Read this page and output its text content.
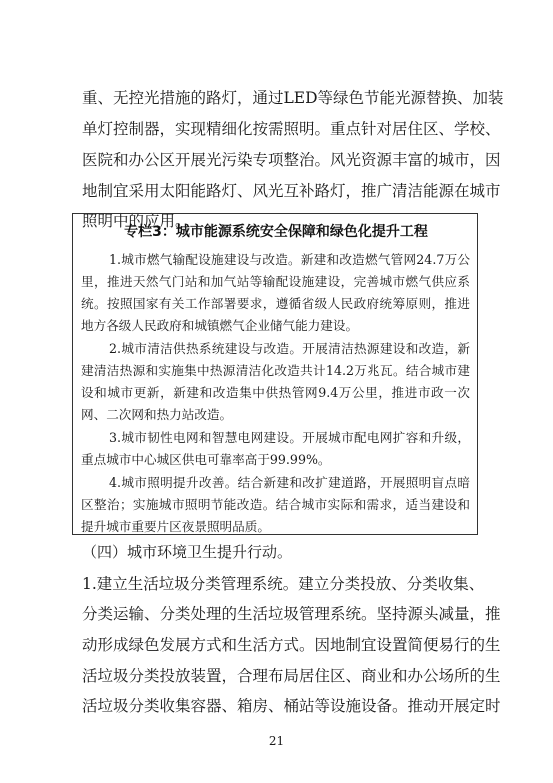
重、无控光措施的路灯，通过LED等绿色节能光源替换、加装
单灯控制器，实现精细化按需照明。重点针对居住区、学校、
医院和办公区开展光污染专项整治。风光资源丰富的城市，因
地制宜采用太阳能路灯、风光互补路灯，推广清洁能源在城市
照明中的应用。
专栏3：城市能源系统安全保障和绿色化提升工程
1.城市燃气输配设施建设与改造。新建和改造燃气管网24.7万公
里，推进天然气门站和加气站等输配设施建设，完善城市燃气供应系
统。按照国家有关工作部署要求，遵循省级人民政府统筹原则，推进
地方各级人民政府和城镇燃气企业储气能力建设。
2.城市清洁供热系统建设与改造。开展清洁热源建设和改造，新
建清洁热源和实施集中热源清洁化改造共计14.2万兆瓦。结合城市建
设和城市更新，新建和改造集中供热管网9.4万公里，推进市政一次
网、二次网和热力站改造。
3.城市韧性电网和智慧电网建设。开展城市配电网扩容和升级，
重点城市中心城区供电可靠率高于99.99%。
4.城市照明提升改善。结合新建和改扩建道路，开展照明盲点暗
区整治；实施城市照明节能改造。结合城市实际和需求，适当建设和
提升城市重要片区夜景照明品质。
（四）城市环境卫生提升行动。
1.建立生活垃圾分类管理系统。建立分类投放、分类收集、
分类运输、分类处理的生活垃圾管理系统。坚持源头减量，推
动形成绿色发展方式和生活方式。因地制宜设置简便易行的生
活垃圾分类投放装置，合理布局居住区、商业和办公场所的生
活垃圾分类收集容器、箱房、桶站等设施设备。推动开展定时
21
